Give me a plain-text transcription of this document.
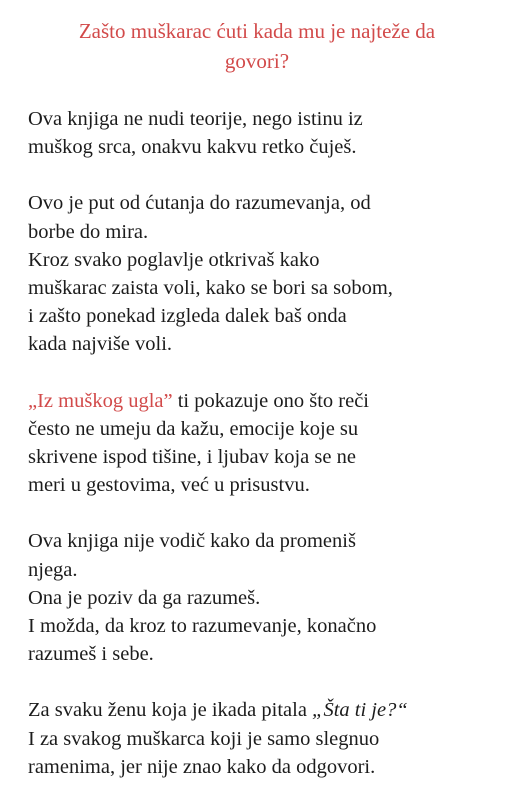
Zašto muškarac ćuti kada mu je najteže da
govori?

Ova knjiga ne nudi teorije, nego istinu iz
muškog srca, onakvu kakvu retko čuješ.

Ovo je put od ćutanja do razumevanja, od
borbe do mira.
Kroz svako poglavlje otkrivaš kako
muškarac zaista voli, kako se bori sa sobom,
i zašto ponekad izgleda dalek baš onda
kada najviše voli.

„Iz muškog ugla” ti pokazuje ono što reči
često ne umeju da kažu, emocije koje su
skrivene ispod tišine, i ljubav koja se ne
meri u gestovima, već u prisustvu.

Ova knjiga nije vodič kako da promeniš
njega.
Ona je poziv da ga razumeš.
I možda, da kroz to razumevanje, konačno
razumeš i sebe.

Za svaku ženu koja je ikada pitala „Šta ti je?“
I za svakog muškarca koji je samo slegnuo
ramenima, jer nije znao kako da odgovori.
